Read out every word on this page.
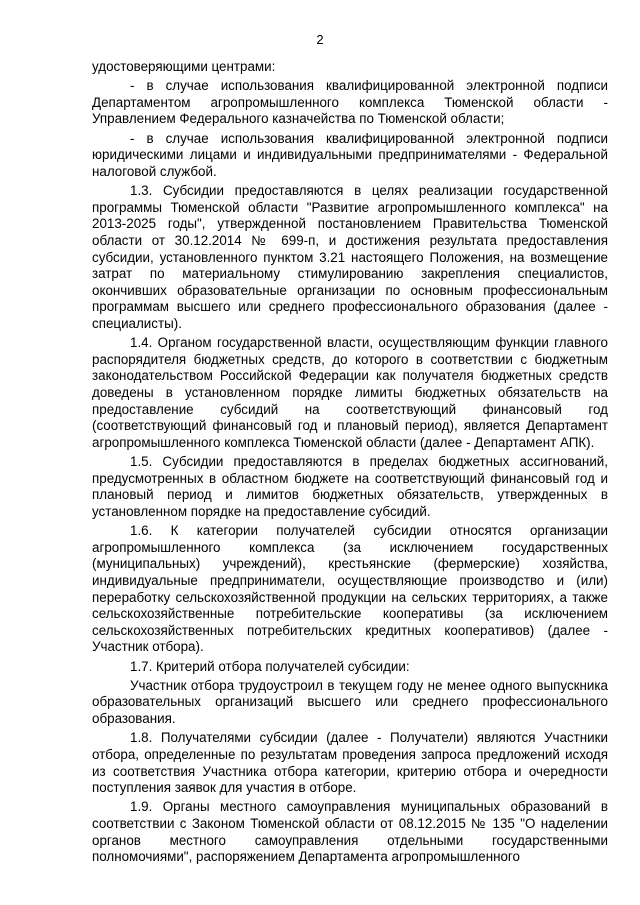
2

удостоверяющими центрами:

- в случае использования квалифицированной электронной подписи Департаментом агропромышленного комплекса Тюменской области - Управлением Федерального казначейства по Тюменской области;

- в случае использования квалифицированной электронной подписи юридическими лицами и индивидуальными предпринимателями - Федеральной налоговой службой.

1.3. Субсидии предоставляются в целях реализации государственной программы Тюменской области "Развитие агропромышленного комплекса" на 2013-2025 годы", утвержденной постановлением Правительства Тюменской области от 30.12.2014 № 699-п, и достижения результата предоставления субсидии, установленного пунктом 3.21 настоящего Положения, на возмещение затрат по материальному стимулированию закрепления специалистов, окончивших образовательные организации по основным профессиональным программам высшего или среднего профессионального образования (далее - специалисты).

1.4. Органом государственной власти, осуществляющим функции главного распорядителя бюджетных средств, до которого в соответствии с бюджетным законодательством Российской Федерации как получателя бюджетных средств доведены в установленном порядке лимиты бюджетных обязательств на предоставление субсидий на соответствующий финансовый год (соответствующий финансовый год и плановый период), является Департамент агропромышленного комплекса Тюменской области (далее - Департамент АПК).

1.5. Субсидии предоставляются в пределах бюджетных ассигнований, предусмотренных в областном бюджете на соответствующий финансовый год и плановый период и лимитов бюджетных обязательств, утвержденных в установленном порядке на предоставление субсидий.

1.6. К категории получателей субсидии относятся организации агропромышленного комплекса (за исключением государственных (муниципальных) учреждений), крестьянские (фермерские) хозяйства, индивидуальные предприниматели, осуществляющие производство и (или) переработку сельскохозяйственной продукции на сельских территориях, а также сельскохозяйственные потребительские кооперативы (за исключением сельскохозяйственных потребительских кредитных кооперативов) (далее - Участник отбора).

1.7. Критерий отбора получателей субсидии:

Участник отбора трудоустроил в текущем году не менее одного выпускника образовательных организаций высшего или среднего профессионального образования.

1.8. Получателями субсидии (далее - Получатели) являются Участники отбора, определенные по результатам проведения запроса предложений исходя из соответствия Участника отбора категории, критерию отбора и очередности поступления заявок для участия в отборе.

1.9. Органы местного самоуправления муниципальных образований в соответствии с Законом Тюменской области от 08.12.2015 № 135 "О наделении органов местного самоуправления отдельными государственными полномочиями", распоряжением Департамента агропромышленного
